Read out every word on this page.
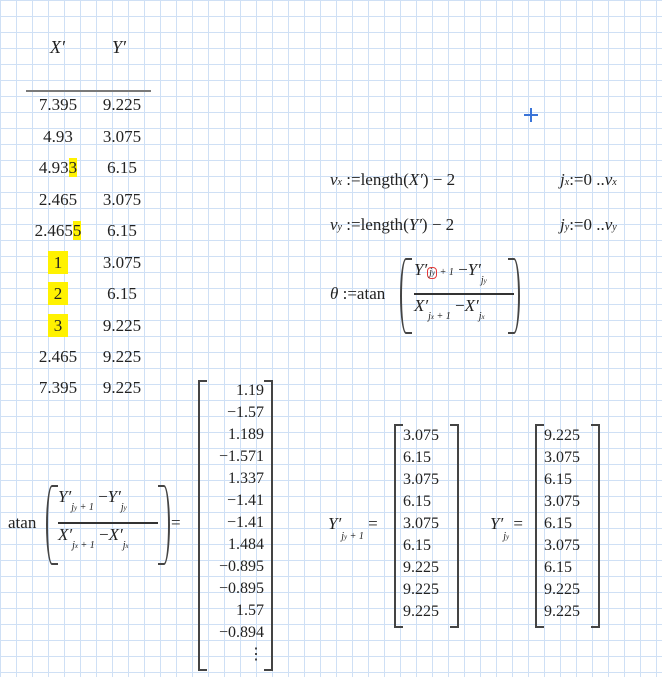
X′	Y′
7.395	9.225
4.93	3.075
4.933	6.15
2.465	3.075
2.4655	6.15
1	3.075
2	6.15
3	9.225
2.465	9.225
7.395	9.225
vx :=length(X′) − 2	jx:=0 ..vx
vy :=length(Y′) − 2	jy:=0 ..vy
θ :=atan
Y′ jy + $1 -Y'_{jy}$
$X'_{jx + 1} -X'_{jx}$
atan
$Y'_{jy + 1} -Y'_{jy}$
$X'_{jx + 1} -X'_{jx}$
=
1.19
−1.57
1.189
−1.571
1.337
−1.41
−1.41
1.484
−0.895
−0.895
1.57
−0.894
⋮
$Y'_{jy + 1}$ =
3.075
6.15
3.075
6.15
3.075
6.15
9.225
9.225
9.225
$Y'_{jy}$ =
9.225
3.075
6.15
3.075
6.15
3.075
6.15
9.225
9.225
